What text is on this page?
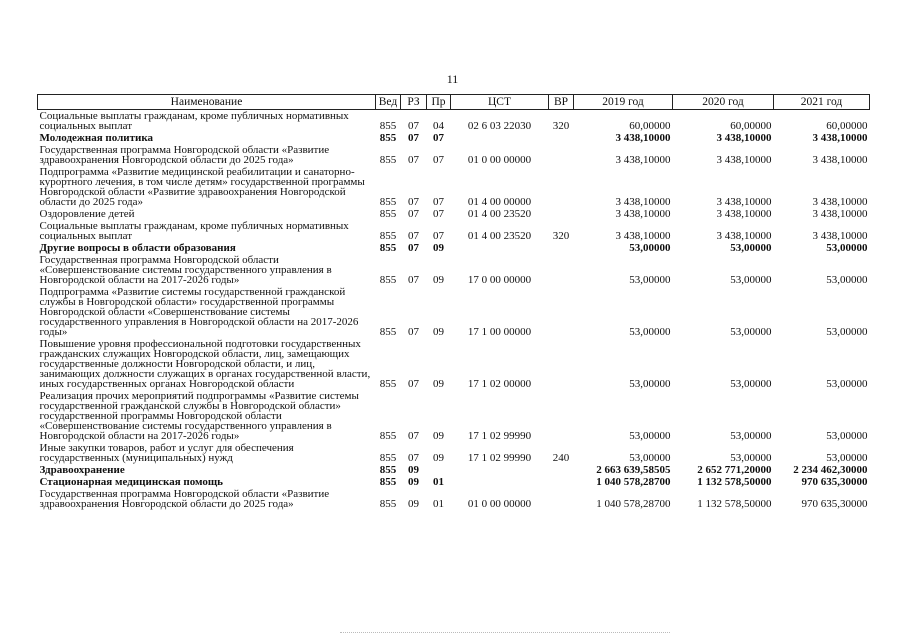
11
Наименование	Вед	РЗ	Пр	ЦСТ	ВР	2019 год	2020 год	2021 год
Социальные выплаты гражданам, кроме публичных нормативных социальных выплат	855	07	04	02 6 03 22030	320	60,00000	60,00000	60,00000
Молодежная политика	855	07	07			3 438,10000	3 438,10000	3 438,10000
Государственная программа Новгородской области «Развитие здравоохранения Новгородской области до 2025 года»	855	07	07	01 0 00 00000		3 438,10000	3 438,10000	3 438,10000
Подпрограмма «Развитие медицинской реабилитации и санаторно-курортного лечения, в том числе детям» государственной программы Новгородской области «Развитие здравоохранения Новгородской области до 2025 года»	855	07	07	01 4 00 00000		3 438,10000	3 438,10000	3 438,10000
Оздоровление детей	855	07	07	01 4 00 23520		3 438,10000	3 438,10000	3 438,10000
Социальные выплаты гражданам, кроме публичных нормативных социальных выплат	855	07	07	01 4 00 23520	320	3 438,10000	3 438,10000	3 438,10000
Другие вопросы в области образования	855	07	09			53,00000	53,00000	53,00000
Государственная программа Новгородской области «Совершенствование системы государственного управления в Новгородской области на 2017-2026 годы»	855	07	09	17 0 00 00000		53,00000	53,00000	53,00000
Подпрограмма «Развитие системы государственной гражданской службы в Новгородской области» государственной программы Новгородской области «Совершенствование системы государственного управления в Новгородской области на 2017-2026 годы»	855	07	09	17 1 00 00000		53,00000	53,00000	53,00000
Повышение уровня профессиональной подготовки государственных гражданских служащих Новгородской области, лиц, замещающих государственные должности Новгородской области, и лиц, занимающих должности служащих в органах государственной власти, иных государственных органах Новгородской области	855	07	09	17 1 02 00000		53,00000	53,00000	53,00000
Реализация прочих мероприятий подпрограммы «Развитие системы государственной гражданской службы в Новгородской области» государственной программы Новгородской области «Совершенствование системы государственного управления в Новгородской области на 2017-2026 годы»	855	07	09	17 1 02 99990		53,00000	53,00000	53,00000
Иные закупки товаров, работ и услуг для обеспечения государственных (муниципальных) нужд	855	07	09	17 1 02 99990	240	53,00000	53,00000	53,00000
Здравоохранение	855	09				2 663 639,58505	2 652 771,20000	2 234 462,30000
Стационарная медицинская помощь	855	09	01			1 040 578,28700	1 132 578,50000	970 635,30000
Государственная программа Новгородской области «Развитие здравоохранения Новгородской области до 2025 года»	855	09	01	01 0 00 00000		1 040 578,28700	1 132 578,50000	970 635,30000
